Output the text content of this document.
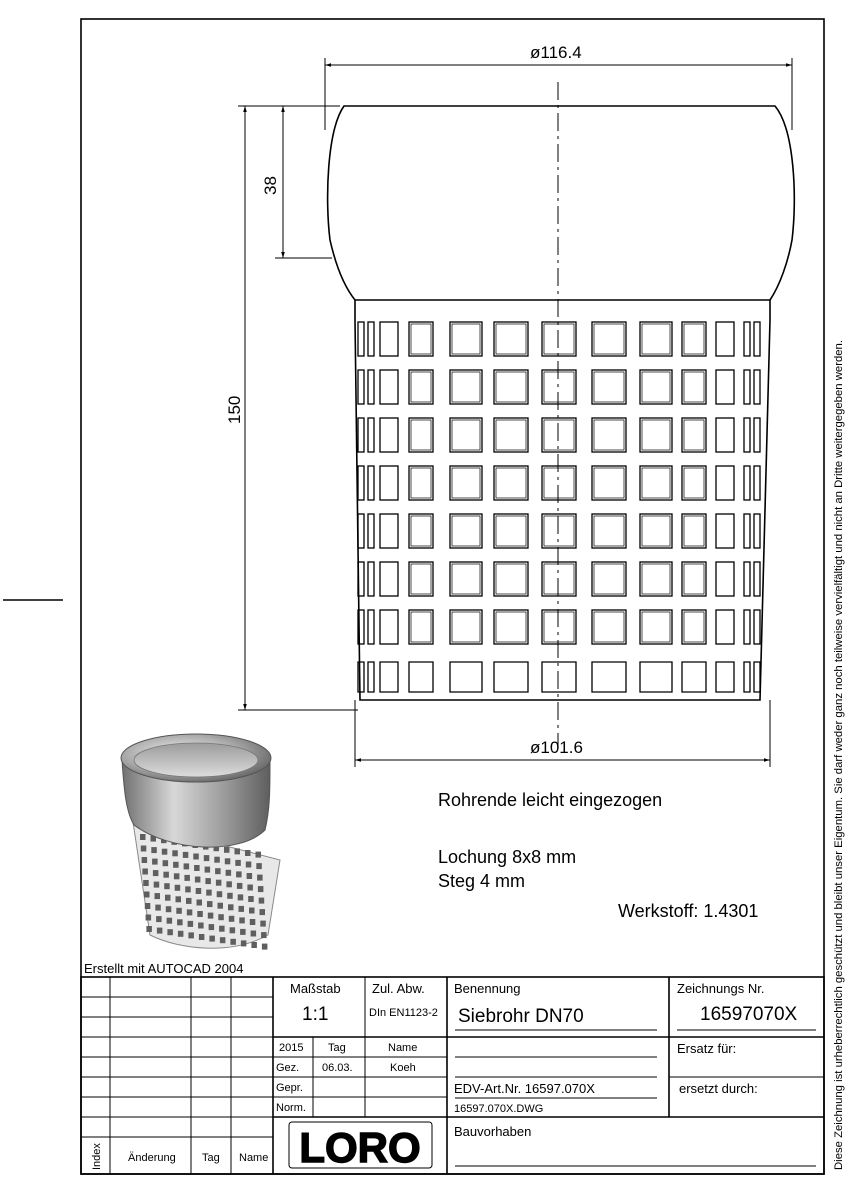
Diese Zeichnung ist urheberrechtlich geschützt und bleibt unser Eigentum. Sie darf weder ganz noch teilweise vervielfältigt und nicht an Dritte weitergegeben werden.
ø116.4
ø101.6
38
150
Rohrende leicht eingezogen
Lochung 8x8 mm
Steg 4 mm
Werkstoff: 1.4301
Erstellt mit AUTOCAD 2004
Maßstab
1:1
Zul. Abw.
DIn EN1123-2
Benennung
Siebrohr DN70
Zeichnungs Nr.
16597070X
2015 Tag	Name
Gez. 06.03.	Koeh
Gepr.
Norm.
Ersatz für:
ersetzt durch:
EDV-Art.Nr. 16597.070X
16597.070X.DWG
Bauvorhaben
Index Änderung Tag Name LORO
